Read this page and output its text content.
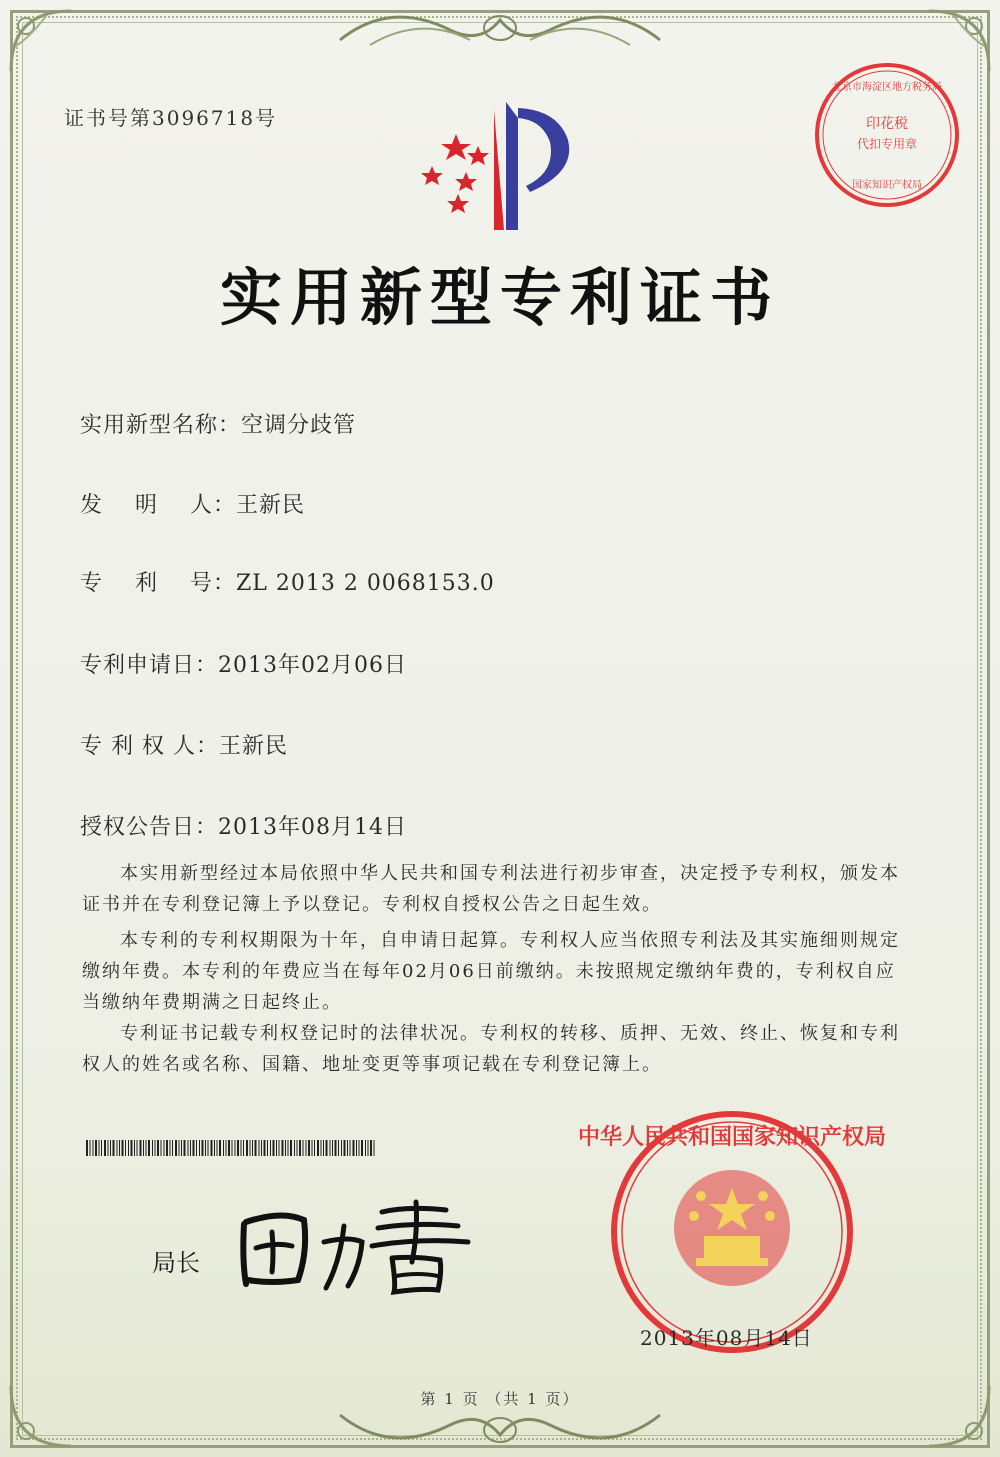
证书号第3096718号	印花税
代扣专用章
北京市海淀区地方税务局
国家知识产权局
实用新型专利证书
实用新型名称：空调分歧管
发    明    人：王新民
专    利    号：ZL 2013 2 0068153.0
专利申请日：2013年02月06日
专 利 权 人：王新民
授权公告日：2013年08月14日
本实用新型经过本局依照中华人民共和国专利法进行初步审查，决定授予专利权，颁发本证书并在专利登记簿上予以登记。专利权自授权公告之日起生效。
本专利的专利权期限为十年，自申请日起算。专利权人应当依照专利法及其实施细则规定缴纳年费。本专利的年费应当在每年02月06日前缴纳。未按照规定缴纳年费的，专利权自应当缴纳年费期满之日起终止。
专利证书记载专利权登记时的法律状况。专利权的转移、质押、无效、终止、恢复和专利权人的姓名或名称、国籍、地址变更等事项记载在专利登记簿上。
局长
中华人民共和国国家知识产权局
2013年08月14日
第 1 页 （共 1 页）
